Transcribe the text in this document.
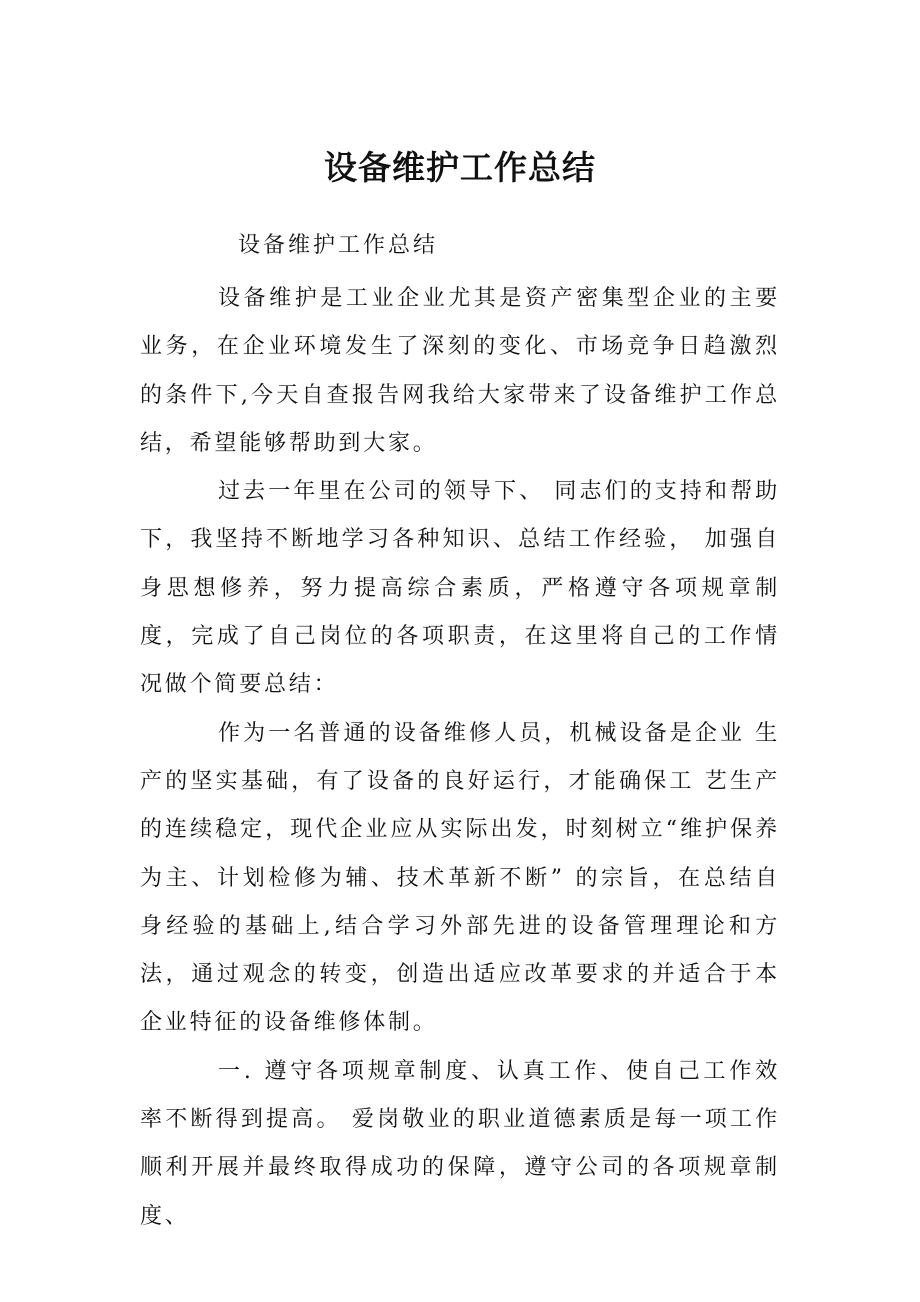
设备维护工作总结

设备维护工作总结

设备维护是工业企业尤其是资产密集型企业的主要业务，在企业环境发生了深刻的变化、市场竞争日趋激烈的条件下,今天自查报告网我给大家带来了设备维护工作总结，希望能够帮助到大家。

过去一年里在公司的领导下、 同志们的支持和帮助下，我坚持不断地学习各种知识、总结工作经验， 加强自身思想修养，努力提高综合素质，严格遵守各项规章制度，完成了自己岗位的各项职责，在这里将自己的工作情况做个简要总结：

作为一名普通的设备维修人员，机械设备是企业 生产的坚实基础，有了设备的良好运行，才能确保工 艺生产的连续稳定，现代企业应从实际出发，时刻树立“维护保养为主、计划检修为辅、技术革新不断” 的宗旨，在总结自身经验的基础上,结合学习外部先进的设备管理理论和方法，通过观念的转变，创造出适应改革要求的并适合于本企业特征的设备维修体制。

一. 遵守各项规章制度、认真工作、使自己工作效率不断得到提高。 爱岗敬业的职业道德素质是每一项工作顺利开展并最终取得成功的保障，遵守公司的各项规章制度、
